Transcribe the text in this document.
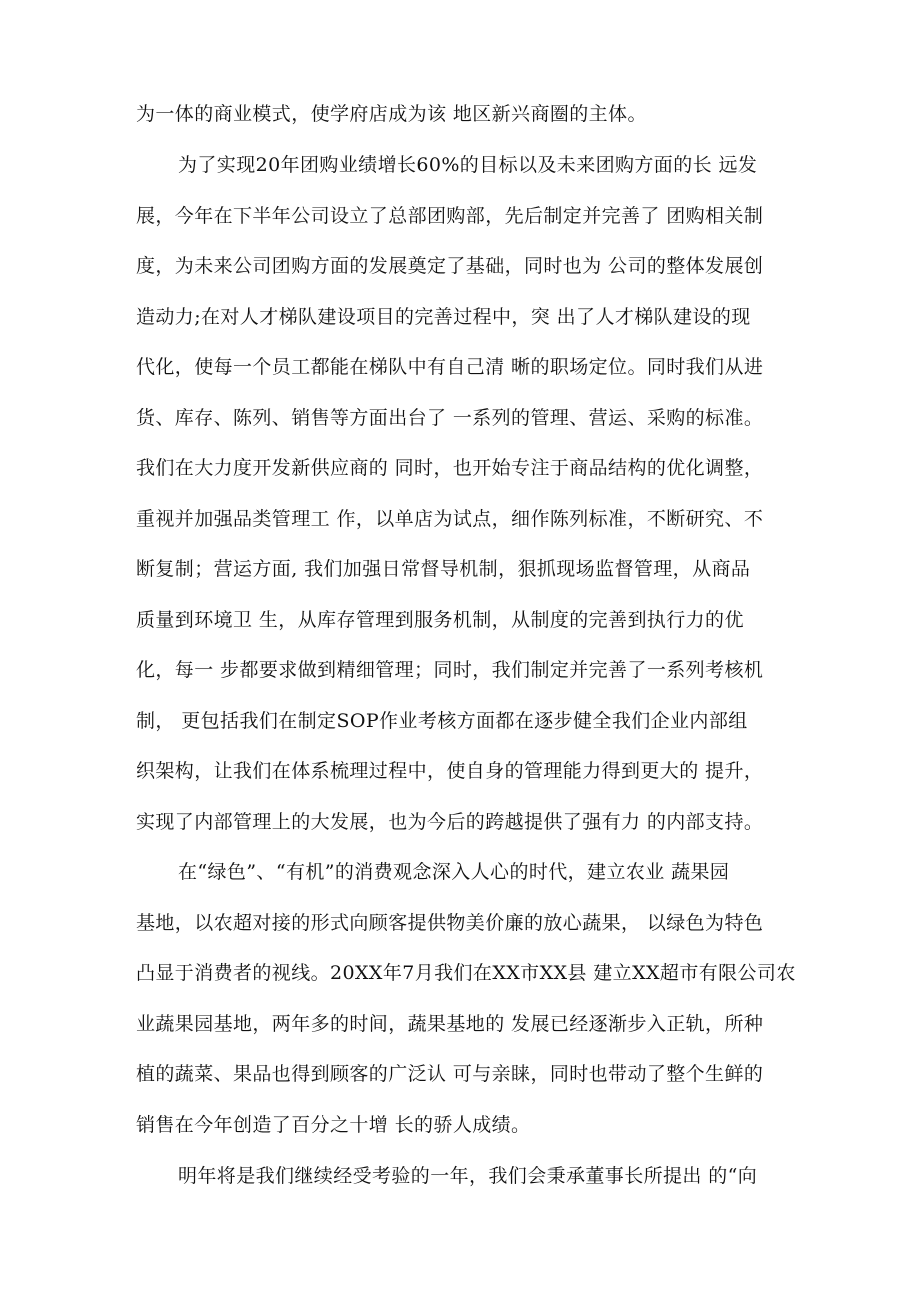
为一体的商业模式，使学府店成为该 地区新兴商圈的主体。
为了实现20年团购业绩增长60%的目标以及未来团购方面的长 远发
展，今年在下半年公司设立了总部团购部，先后制定并完善了 团购相关制
度，为未来公司团购方面的发展奠定了基础，同时也为 公司的整体发展创
造动力;在对人才梯队建设项目的完善过程中，突 出了人才梯队建设的现
代化，使每一个员工都能在梯队中有自己清 晰的职场定位。同时我们从进
货、库存、陈列、销售等方面出台了 一系列的管理、营运、采购的标准。
我们在大力度开发新供应商的 同时，也开始专注于商品结构的优化调整，
重视并加强品类管理工 作，以单店为试点，细作陈列标准，不断研究、不
断复制；营运方面, 我们加强日常督导机制，狠抓现场监督管理，从商品
质量到环境卫 生，从库存管理到服务机制，从制度的完善到执行力的优
化，每一 步都要求做到精细管理；同时，我们制定并完善了一系列考核机
制， 更包括我们在制定SOP作业考核方面都在逐步健全我们企业内部组
织架构，让我们在体系梳理过程中，使自身的管理能力得到更大的 提升，
实现了内部管理上的大发展，也为今后的跨越提供了强有力 的内部支持。
在“绿色”、“有机”的消费观念深入人心的时代，建立农业 蔬果园
基地，以农超对接的形式向顾客提供物美价廉的放心蔬果， 以绿色为特色
凸显于消费者的视线。20XX年7月我们在XX市XX县 建立XX超市有限公司农
业蔬果园基地，两年多的时间，蔬果基地的 发展已经逐渐步入正轨，所种
植的蔬菜、果品也得到顾客的广泛认 可与亲睐，同时也带动了整个生鲜的
销售在今年创造了百分之十增 长的骄人成绩。
明年将是我们继续经受考验的一年，我们会秉承董事长所提出 的“向
